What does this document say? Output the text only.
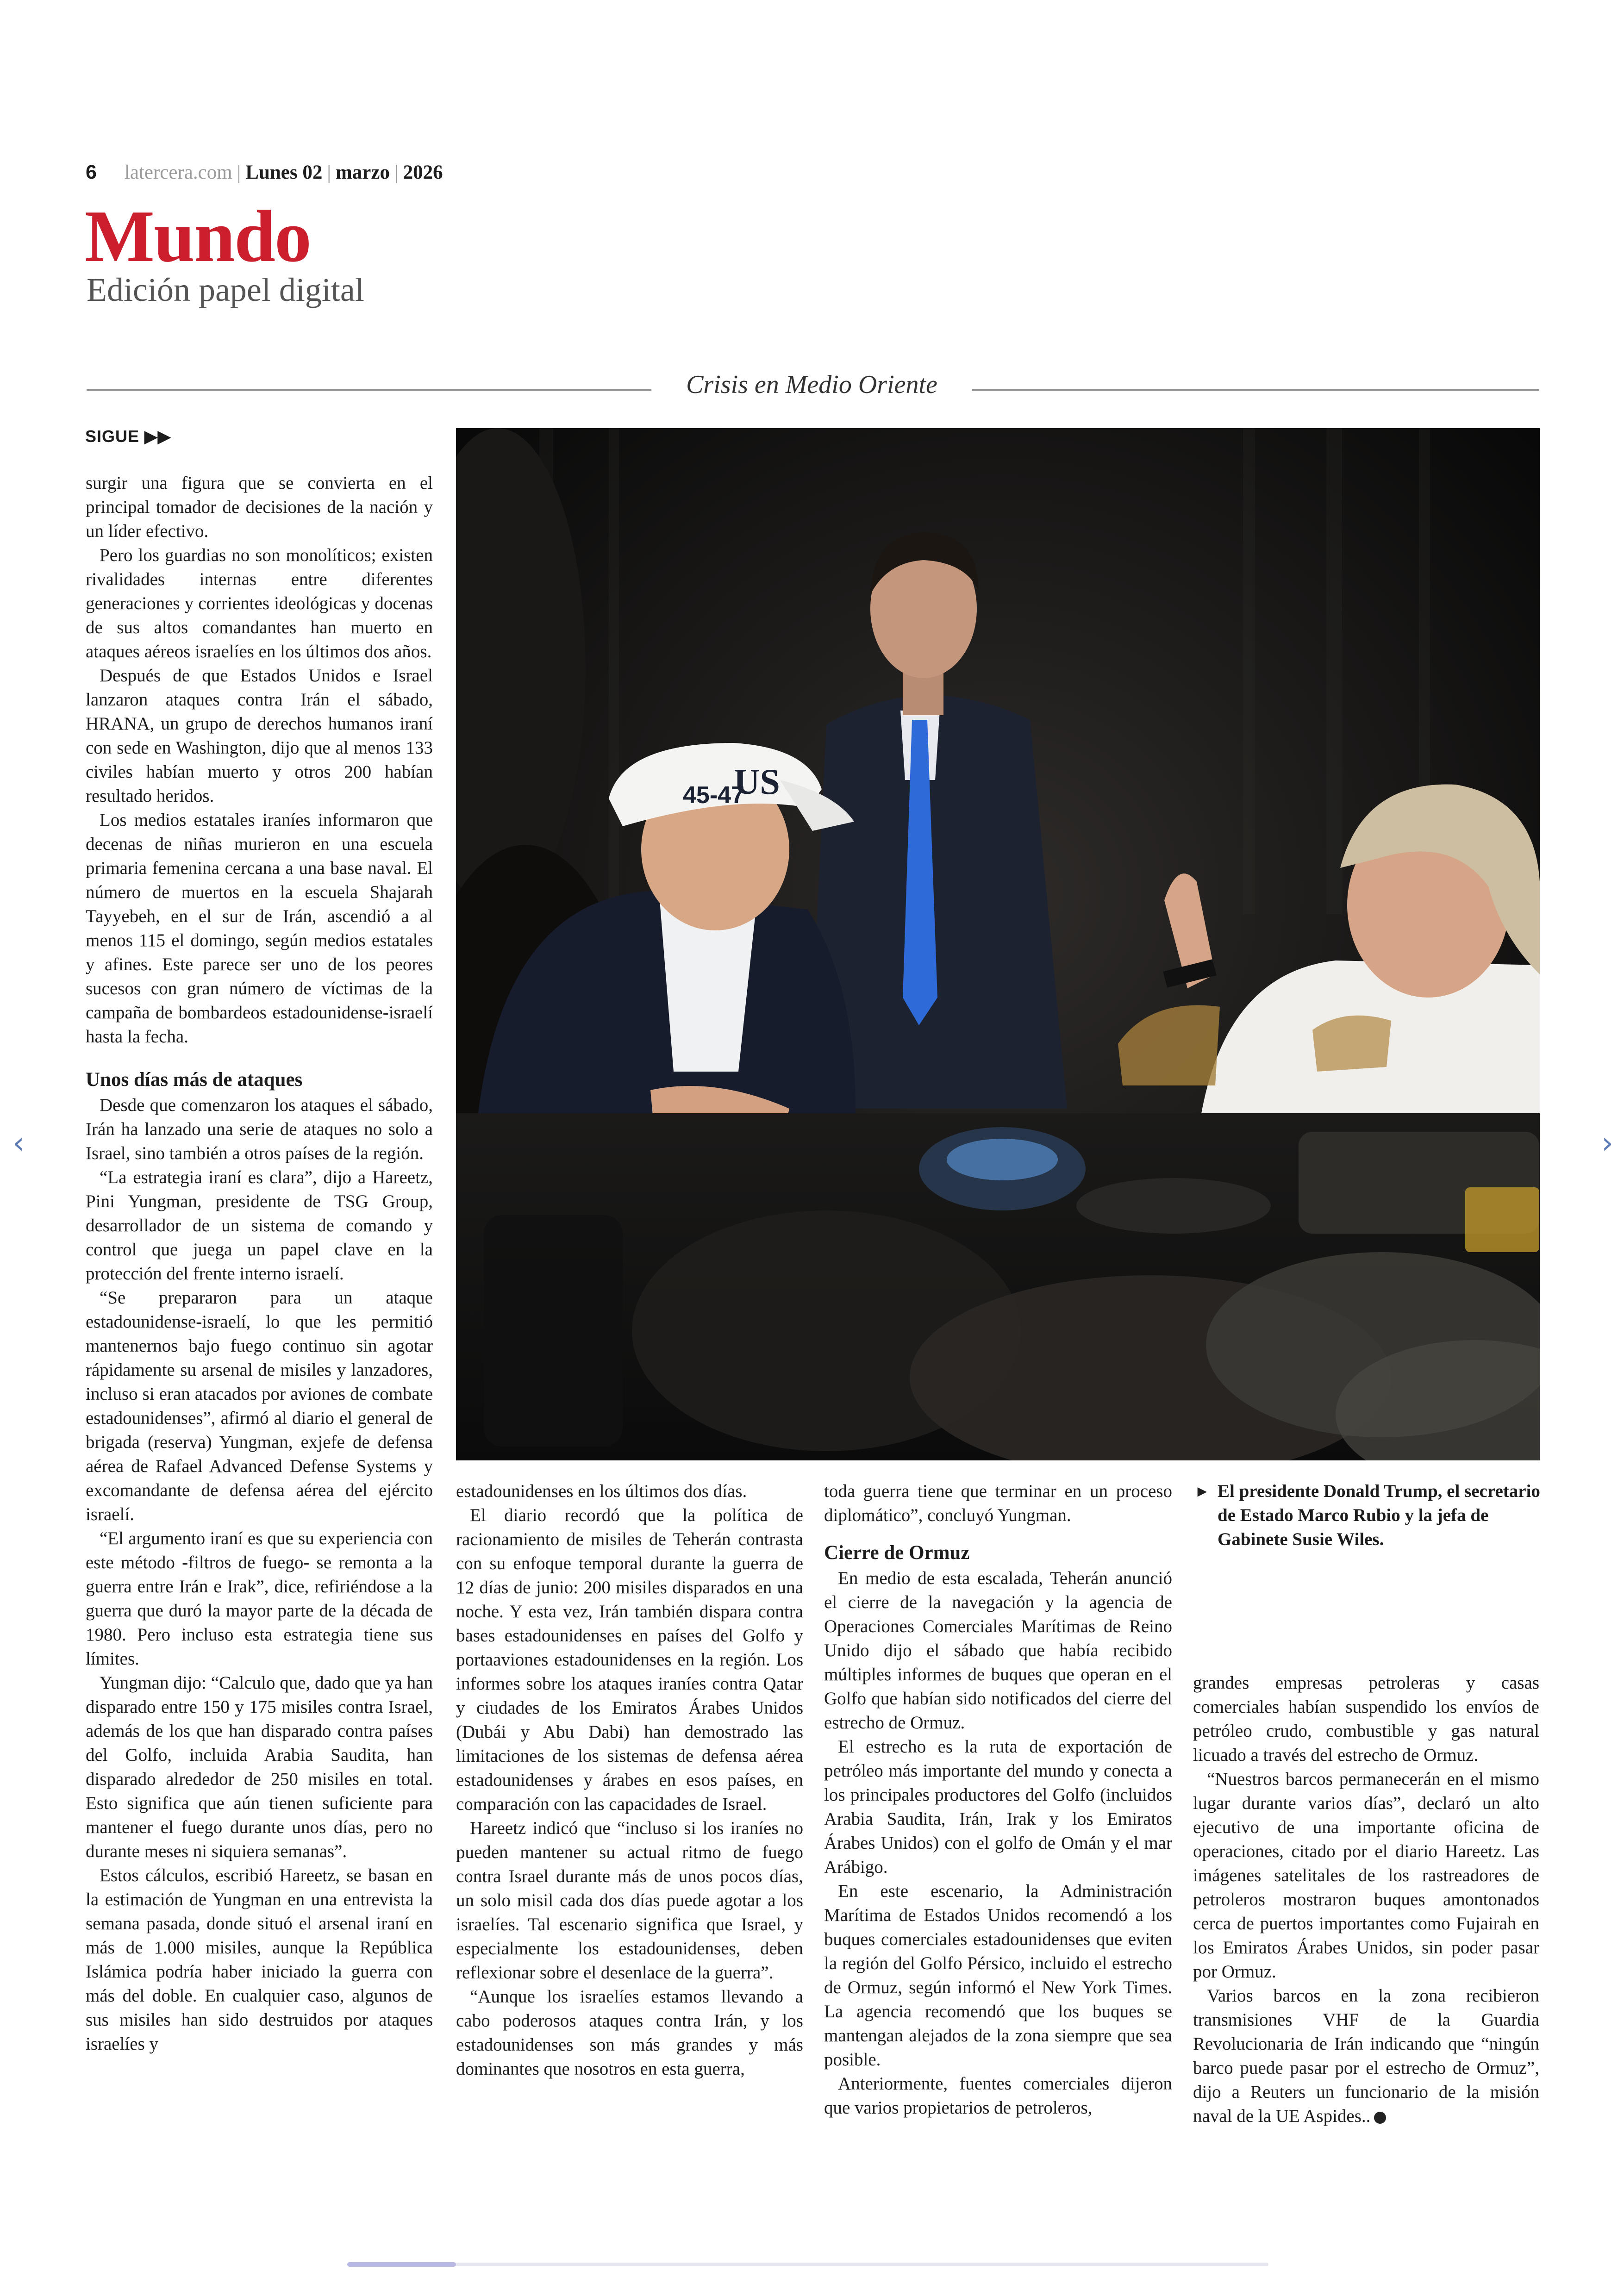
6 latercera.com | Lunes 02 | marzo | 2026
Mundo
Edición papel digital
Crisis en Medio Oriente
SIGUE ▶▶
45-47
US

surgir una figura que se convierta en el principal tomador de decisiones de la nación y un líder efectivo.

Pero los guardias no son monolíticos; existen rivalidades internas entre diferentes generaciones y corrientes ideológicas y docenas de sus altos comandantes han muerto en ataques aéreos israelíes en los últimos dos años.

Después de que Estados Unidos e Israel lanzaron ataques contra Irán el sábado, HRANA, un grupo de derechos humanos iraní con sede en Washington, dijo que al menos 133 civiles habían muerto y otros 200 habían resultado heridos.

Los medios estatales iraníes informaron que decenas de niñas murieron en una escuela primaria femenina cercana a una base naval. El número de muertos en la escuela Shajarah Tayyebeh, en el sur de Irán, ascendió a al menos 115 el domingo, según medios estatales y afines. Este parece ser uno de los peores sucesos con gran número de víctimas de la campaña de bombardeos estadounidense-israelí hasta la fecha.

Unos días más de ataques

Desde que comenzaron los ataques el sábado, Irán ha lanzado una serie de ataques no solo a Israel, sino también a otros países de la región.

“La estrategia iraní es clara”, dijo a Hareetz, Pini Yungman, presidente de TSG Group, desarrollador de un sistema de comando y control que juega un papel clave en la protección del frente interno israelí.

“Se prepararon para un ataque estadounidense-israelí, lo que les permitió mantenernos bajo fuego continuo sin agotar rápidamente su arsenal de misiles y lanzadores, incluso si eran atacados por aviones de combate estadounidenses”, afirmó al diario el general de brigada (reserva) Yungman, exjefe de defensa aérea de Rafael Advanced Defense Systems y excomandante de defensa aérea del ejército israelí.

“El argumento iraní es que su experiencia con este método -filtros de fuego- se remonta a la guerra entre Irán e Irak”, dice, refiriéndose a la guerra que duró la mayor parte de la década de 1980. Pero incluso esta estrategia tiene sus límites.

Yungman dijo: “Calculo que, dado que ya han disparado entre 150 y 175 misiles contra Israel, además de los que han disparado contra países del Golfo, incluida Arabia Saudita, han disparado alrededor de 250 misiles en total. Esto significa que aún tienen suficiente para mantener el fuego durante unos días, pero no durante meses ni siquiera semanas”.

Estos cálculos, escribió Hareetz, se basan en la estimación de Yungman en una entrevista la semana pasada, donde situó el arsenal iraní en más de 1.000 misiles, aunque la República Islámica podría haber iniciado la guerra con más del doble. En cualquier caso, algunos de sus misiles han sido destruidos por ataques israelíes y

estadounidenses en los últimos dos días.

El diario recordó que la política de racionamiento de misiles de Teherán contrasta con su enfoque temporal durante la guerra de 12 días de junio: 200 misiles disparados en una noche. Y esta vez, Irán también dispara contra bases estadounidenses en países del Golfo y portaaviones estadounidenses en la región. Los informes sobre los ataques iraníes contra Qatar y ciudades de los Emiratos Árabes Unidos (Dubái y Abu Dabi) han demostrado las limitaciones de los sistemas de defensa aérea estadounidenses y árabes en esos países, en comparación con las capacidades de Israel.

Hareetz indicó que “incluso si los iraníes no pueden mantener su actual ritmo de fuego contra Israel durante más de unos pocos días, un solo misil cada dos días puede agotar a los israelíes. Tal escenario significa que Israel, y especialmente los estadounidenses, deben reflexionar sobre el desenlace de la guerra”.

“Aunque los israelíes estamos llevando a cabo poderosos ataques contra Irán, y los estadounidenses son más grandes y más dominantes que nosotros en esta guerra,

toda guerra tiene que terminar en un proceso diplomático”, concluyó Yungman.

Cierre de Ormuz

En medio de esta escalada, Teherán anunció el cierre de la navegación y la agencia de Operaciones Comerciales Marítimas de Reino Unido dijo el sábado que había recibido múltiples informes de buques que operan en el Golfo que habían sido notificados del cierre del estrecho de Ormuz.

El estrecho es la ruta de exportación de petróleo más importante del mundo y conecta a los principales productores del Golfo (incluidos Arabia Saudita, Irán, Irak y los Emiratos Árabes Unidos) con el golfo de Omán y el mar Arábigo.

En este escenario, la Administración Marítima de Estados Unidos recomendó a los buques comerciales estadounidenses que eviten la región del Golfo Pérsico, incluido el estrecho de Ormuz, según informó el New York Times. La agencia recomendó que los buques se mantengan alejados de la zona siempre que sea posible.

Anteriormente, fuentes comerciales dijeron que varios propietarios de petroleros,

► El presidente Donald Trump, el secretario de Estado Marco Rubio y la jefa de Gabinete Susie Wiles.

grandes empresas petroleras y casas comerciales habían suspendido los envíos de petróleo crudo, combustible y gas natural licuado a través del estrecho de Ormuz.

“Nuestros barcos permanecerán en el mismo lugar durante varios días”, declaró un alto ejecutivo de una importante oficina de operaciones, citado por el diario Hareetz. Las imágenes satelitales de los rastreadores de petroleros mostraron buques amontonados cerca de puertos importantes como Fujairah en los Emiratos Árabes Unidos, sin poder pasar por Ormuz.

Varios barcos en la zona recibieron transmisiones VHF de la Guardia Revolucionaria de Irán indicando que “ningún barco puede pasar por el estrecho de Ormuz”, dijo a Reuters un funcionario de la misión naval de la UE Aspides..

‹	›
